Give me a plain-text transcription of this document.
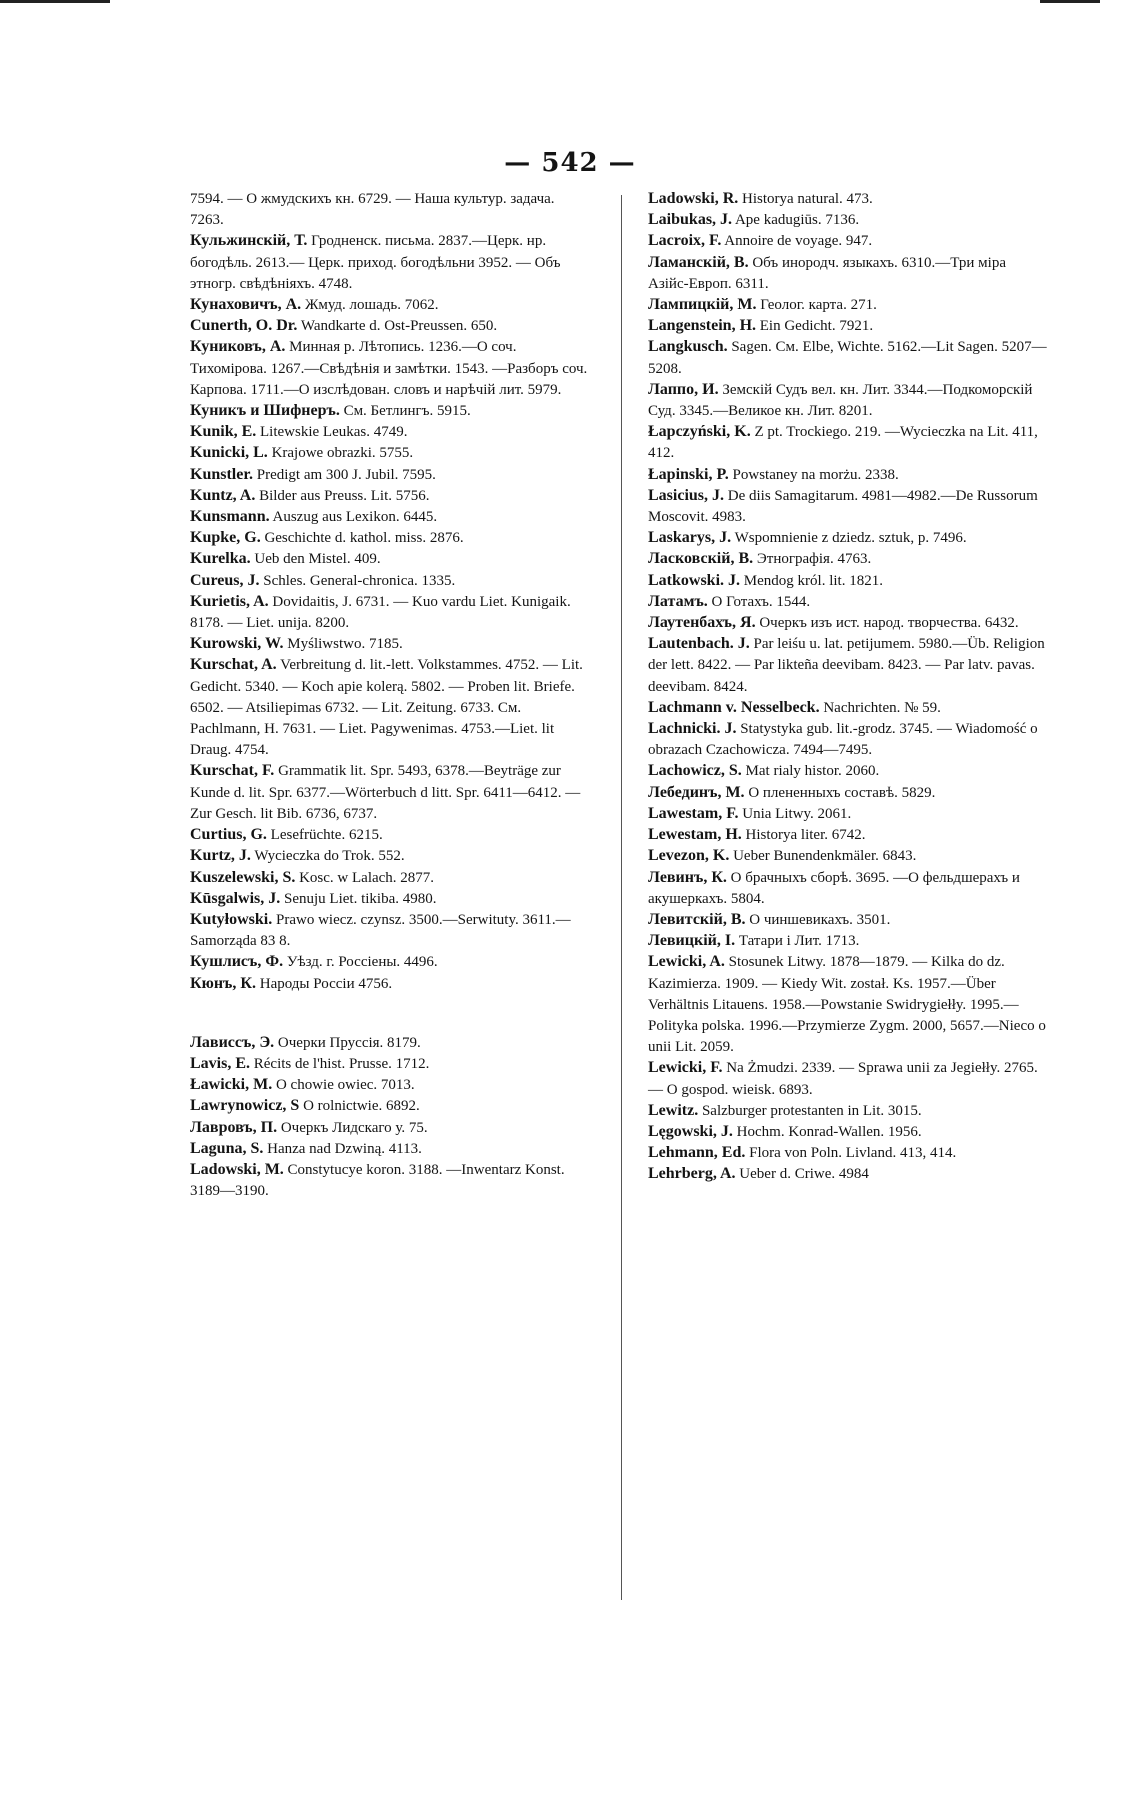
— 542 —

7594. — О жмудскихъ кн. 6729. — Наша культур. задача. 7263.

Кульжинскій, Т. Гродненск. письма. 2837.—Церк. нр. богодѣль. 2613.— Церк. приход. богодѣльни 3952. — Объ этногр. свѣдѣніяхъ. 4748.

Кунаховичъ, А. Жмуд. лошадь. 7062.

Cunerth, O. Dr. Wandkarte d. Ost-Preussen. 650.

Куниковъ, А. Минная р. Лѣтопись. 1236.—О соч. Тихомірова. 1267.—Свѣдѣнія и замѣтки. 1543. —Разборъ соч. Карпова. 1711.—О изслѣдован. словъ и нарѣчій лит. 5979.

Куникъ и Шифнеръ. См. Бетлингъ. 5915.

Kunik, E. Litewskie Leukas. 4749.

Kunicki, L. Krajowe obrazki. 5755.

Kunstler. Predigt am 300 J. Jubil. 7595.

Kuntz, A. Bilder aus Preuss. Lit. 5756.

Kunsmann. Auszug aus Lexikon. 6445.

Kupke, G. Geschichte d. kathol. miss. 2876.

Kurelka. Ueb den Mistel. 409.

Cureus, J. Schles. General-chronica. 1335.

Kurietis, A. Dovidaitis, J. 6731. — Kuo vardu Liet. Kunigaik. 8178. — Liet. unija. 8200.

Kurowski, W. Myśliwstwo. 7185.

Kurschat, A. Verbreitung d. lit.-lett. Volkstammes. 4752. — Lit. Gedicht. 5340. — Koch apie kolerą. 5802. — Proben lit. Briefe. 6502. — Atsiliepimas 6732. — Lit. Zeitung. 6733. См. Pachlmann, H. 7631. — Liet. Pagywenimas. 4753.—Liet. lit Draug. 4754.

Kurschat, F. Grammatik lit. Spr. 5493, 6378.—Beyträge zur Kunde d. lit. Spr. 6377.—Wörterbuch d litt. Spr. 6411—6412. —Zur Gesch. lit Bib. 6736, 6737.

Curtius, G. Lesefrüchte. 6215.

Kurtz, J. Wycieczka do Trok. 552.

Kuszelewski, S. Kosc. w Lalach. 2877.

Kūsgalwis, J. Senuju Liet. tikiba. 4980.

Kutyłowski. Prawo wiecz. czynsz. 3500.—Serwituty. 3611.—Samorząda 83 8.

Кушлисъ, Ф. Уѣзд. г. Россіены. 4496.

Кюнъ, К. Народы Россіи 4756.

Лависсъ, Э. Очерки Пруссія. 8179.

Lavis, E. Récits de l'hist. Prusse. 1712.

Ławicki, M. O chowie owiec. 7013.

Lawrynowicz, S O rolnictwie. 6892.

Лавровъ, П. Очеркъ Лидскаго у. 75.

Laguna, S. Hanza nad Dzwiną. 4113.

Ladowski, M. Constytucye koron. 3188. —Inwentarz Konst. 3189—3190.

Ladowski, R. Historya natural. 473.

Laibukas, J. Ape kadugiūs. 7136.

Lacroix, F. Annoire de voyage. 947.

Ламанскій, В. Объ инородч. языкахъ. 6310.—Три міра Азійс-Европ. 6311.

Лампицкій, М. Геолог. карта. 271.

Langenstein, H. Ein Gedicht. 7921.

Langkusch. Sagen. См. Elbe, Wichte. 5162.—Lit Sagen. 5207—5208.

Лаппо, И. Земскій Судъ вел. кн. Лит. 3344.—Подкоморскій Суд. 3345.—Великое кн. Лит. 8201.

Łapczyński, K. Z pt. Trockiego. 219. —Wycieczka na Lit. 411, 412.

Łapinski, P. Powstaney na morżu. 2338.

Lasicius, J. De diis Samagitarum. 4981—4982.—De Russorum Moscovit. 4983.

Laskarys, J. Wspomnienie z dziedz. sztuk, p. 7496.

Ласковскій, В. Этнографія. 4763.

Latkowski. J. Mendog król. lit. 1821.

Латамъ. О Готахъ. 1544.

Лаутенбахъ, Я. Очеркъ изъ ист. народ. творчества. 6432.

Lautenbach. J. Par leiśu u. lat. petijumem. 5980.—Üb. Religion der lett. 8422. — Par likteña deevibam. 8423. — Par latv. pavas. deevibam. 8424.

Lachmann v. Nesselbeck. Nachrichten. № 59.

Lachnicki. J. Statystyka gub. lit.-grodz. 3745. — Wiadomość o obrazach Czachowicza. 7494—7495.

Lachowicz, S. Mat rialy histor. 2060.

Лебединъ, М. О плененныхъ составѣ. 5829.

Lawestam, F. Unia Litwy. 2061.

Lewestam, H. Historya liter. 6742.

Levezon, K. Ueber Bunendenkmäler. 6843.

Левинъ, К. О брачныхъ сборѣ. 3695. —О фельдшерахъ и акушеркахъ. 5804.

Левитскій, В. О чиншевикахъ. 3501.

Левицкій, І. Татари і Лит. 1713.

Lewicki, A. Stosunek Litwy. 1878—1879. — Kilka do dz. Kazimierza. 1909. — Kiedy Wit. został. Ks. 1957.—Über Verhältnis Litauens. 1958.—Powstanie Swidrygiełły. 1995.—Polityka polska. 1996.—Przymierze Zygm. 2000, 5657.—Nieco o unii Lit. 2059.

Lewicki, F. Na Żmudzi. 2339. — Sprawa unii za Jegiełły. 2765. — O gospod. wieisk. 6893.

Lewitz. Salzburger protestanten in Lit. 3015.

Lęgowski, J. Hochm. Konrad-Wallen. 1956.

Lehmann, Ed. Flora von Poln. Livland. 413, 414.

Lehrberg, A. Ueber d. Criwe. 4984
